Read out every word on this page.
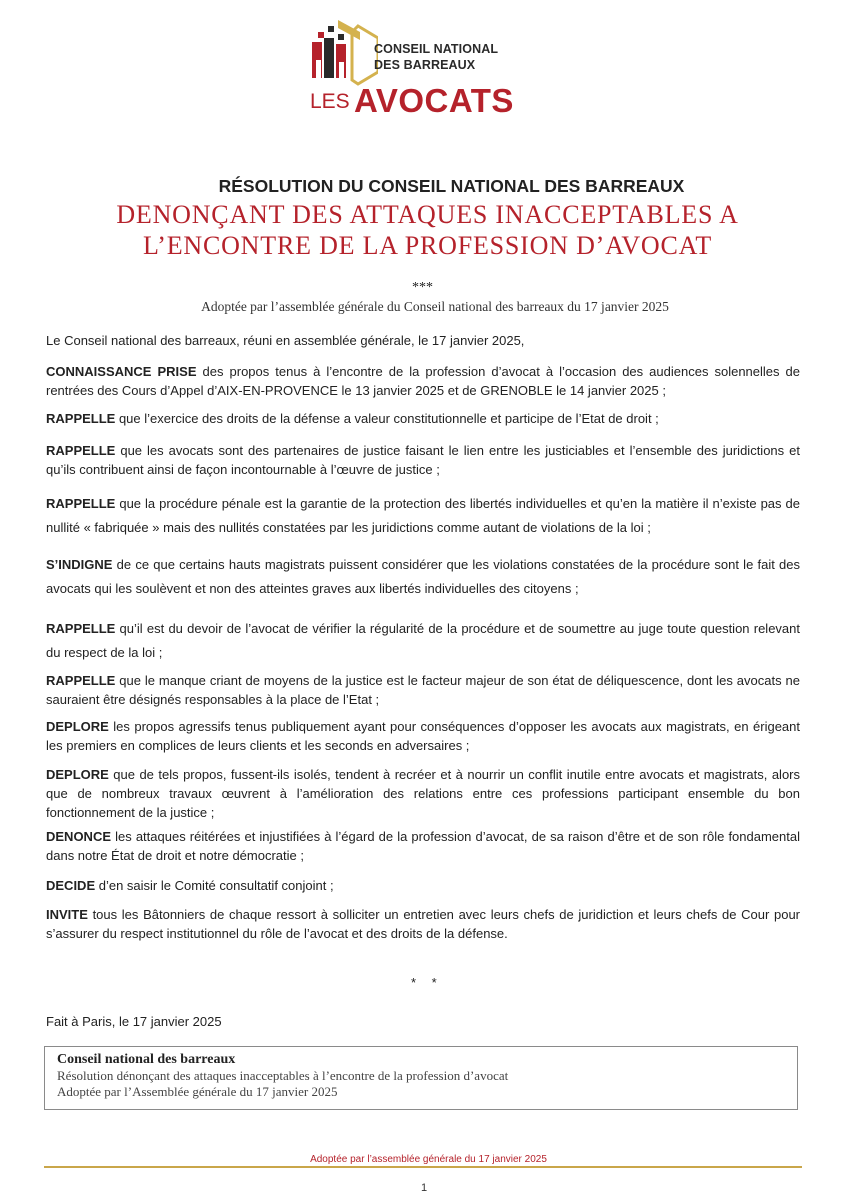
CONSEIL NATIONAL
DES BARREAUX
LES AVOCATS
RÉSOLUTION DU CONSEIL NATIONAL DES BARREAUX
DENONÇANT DES ATTAQUES INACCEPTABLES A
L’ENCONTRE DE LA PROFESSION D’AVOCAT
***
Adoptée par l’assemblée générale du Conseil national des barreaux du 17 janvier 2025
Le Conseil national des barreaux, réuni en assemblée générale, le 17 janvier 2025,
CONNAISSANCE PRISE des propos tenus à l’encontre de la profession d’avocat à l’occasion des audiences solennelles de rentrées des Cours d’Appel d’AIX-EN-PROVENCE le 13 janvier 2025 et de GRENOBLE le 14 janvier 2025 ;
RAPPELLE que l’exercice des droits de la défense a valeur constitutionnelle et participe de l’Etat de droit ;
RAPPELLE que les avocats sont des partenaires de justice faisant le lien entre les justiciables et l’ensemble des juridictions et qu’ils contribuent ainsi de façon incontournable à l’œuvre de justice ;
RAPPELLE que la procédure pénale est la garantie de la protection des libertés individuelles et qu’en la matière il n’existe pas de nullité « fabriquée » mais des nullités constatées par les juridictions comme autant de violations de la loi ;
S’INDIGNE de ce que certains hauts magistrats puissent considérer que les violations constatées de la procédure sont le fait des avocats qui les soulèvent et non des atteintes graves aux libertés individuelles des citoyens ;
RAPPELLE qu’il est du devoir de l’avocat de vérifier la régularité de la procédure et de soumettre au juge toute question relevant du respect de la loi ;
RAPPELLE que le manque criant de moyens de la justice est le facteur majeur de son état de déliquescence, dont les avocats ne sauraient être désignés responsables à la place de l’Etat ;
DEPLORE les propos agressifs tenus publiquement ayant pour conséquences d’opposer les avocats aux magistrats, en érigeant les premiers en complices de leurs clients et les seconds en adversaires ;
DEPLORE que de tels propos, fussent-ils isolés, tendent à recréer et à nourrir un conflit inutile entre avocats et magistrats, alors que de nombreux travaux œuvrent à l’amélioration des relations entre ces professions participant ensemble du bon fonctionnement de la justice ;
DENONCE les attaques réitérées et injustifiées à l’égard de la profession d’avocat, de sa raison d’être et de son rôle fondamental dans notre État de droit et notre démocratie ;
DECIDE d’en saisir le Comité consultatif conjoint ;
INVITE tous les Bâtonniers de chaque ressort à solliciter un entretien avec leurs chefs de juridiction et leurs chefs de Cour pour s’assurer du respect institutionnel du rôle de l’avocat et des droits de la défense.
* *
Fait à Paris, le 17 janvier 2025
Conseil national des barreaux
Résolution dénonçant des attaques inacceptables à l’encontre de la profession d’avocat
Adoptée par l’Assemblée générale du 17 janvier 2025
Adoptée par l’assemblée générale du 17 janvier 2025
1
